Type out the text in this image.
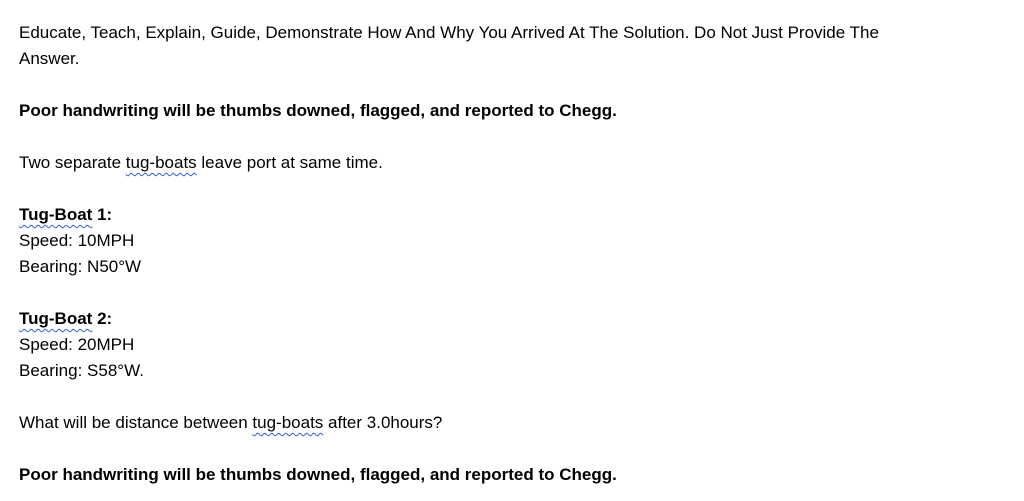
Educate, Teach, Explain, Guide, Demonstrate How And Why You Arrived At The Solution. Do Not Just Provide The

Answer.

Poor handwriting will be thumbs downed, flagged, and reported to Chegg.

Two separate tug-boats leave port at same time.

Tug-Boat 1:

Speed: 10MPH

Bearing: N50°W

Tug-Boat 2:

Speed: 20MPH

Bearing: S58°W.

What will be distance between tug-boats after 3.0hours?

Poor handwriting will be thumbs downed, flagged, and reported to Chegg.
